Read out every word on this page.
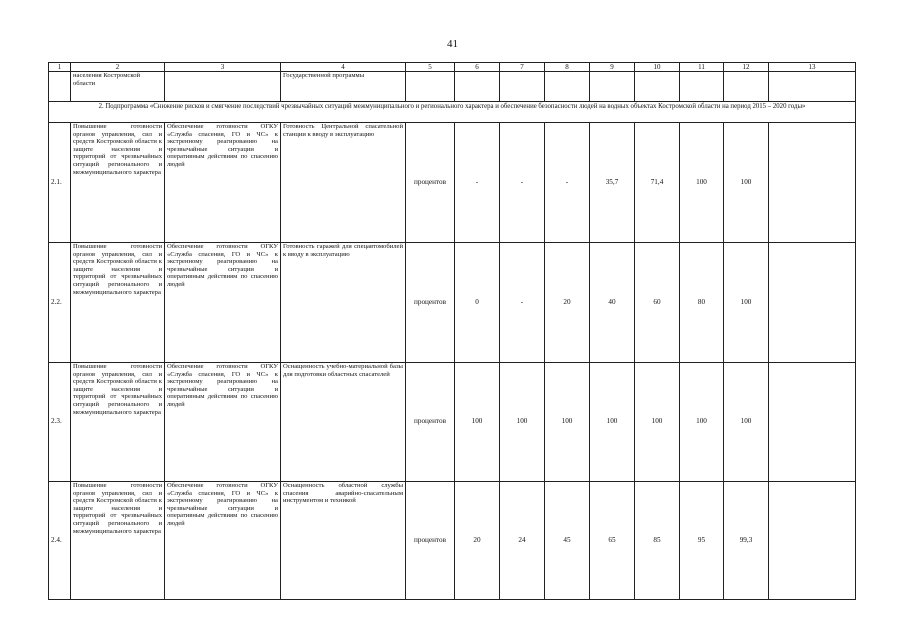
41
1	2	3	4	5	6	7	8	9	10	11	12	13
	населения Костромской области		Государственной программы									
2. Подпрограмма «Снижение рисков и смягчение последствий чрезвычайных ситуаций межмуниципального и регионального характера и обеспечение безопасности людей на водных объектах Костромской области на период 2015 – 2020 годы»												
2.1.	Повышение готовности органов управления, сил и средств Костромской области к защите населения и территорий от чрезвычайных ситуаций регионального и межмуниципального характера	Обеспечение готовности ОГКУ «Служба спасения, ГО и ЧС» к экстренному реагированию на чрезвычайные ситуации и оперативным действиям по спасению людей	Готовность Центральной спасательной станции к вводу в эксплуатацию	процентов	-	-	-	35,7	71,4	100	100	
2.2.	Повышение готовности органов управления, сил и средств Костромской области к защите населения и территорий от чрезвычайных ситуаций регионального и межмуниципального характера	Обеспечение готовности ОГКУ «Служба спасения, ГО и ЧС» к экстренному реагированию на чрезвычайные ситуации и оперативным действиям по спасению людей	Готовность гаражей для спецавтомобилей к вводу в эксплуатацию	процентов	0	-	20	40	60	80	100	
2.3.	Повышение готовности органов управления, сил и средств Костромской области к защите населения и территорий от чрезвычайных ситуаций регионального и межмуниципального характера	Обеспечение готовности ОГКУ «Служба спасения, ГО и ЧС» к экстренному реагированию на чрезвычайные ситуации и оперативным действиям по спасению людей	Оснащенность учебно-материальной базы для подготовки областных спасателей	процентов	100	100	100	100	100	100	100	
2.4.	Повышение готовности органов управления, сил и средств Костромской области к защите населения и территорий от чрезвычайных ситуаций регионального и межмуниципального характера	Обеспечение готовности ОГКУ «Служба спасения, ГО и ЧС» к экстренному реагированию на чрезвычайные ситуации и оперативным действиям по спасению людей	Оснащенность областной службы спасения аварийно-спасательным инструментом и техникой	процентов	20	24	45	65	85	95	99,3	
